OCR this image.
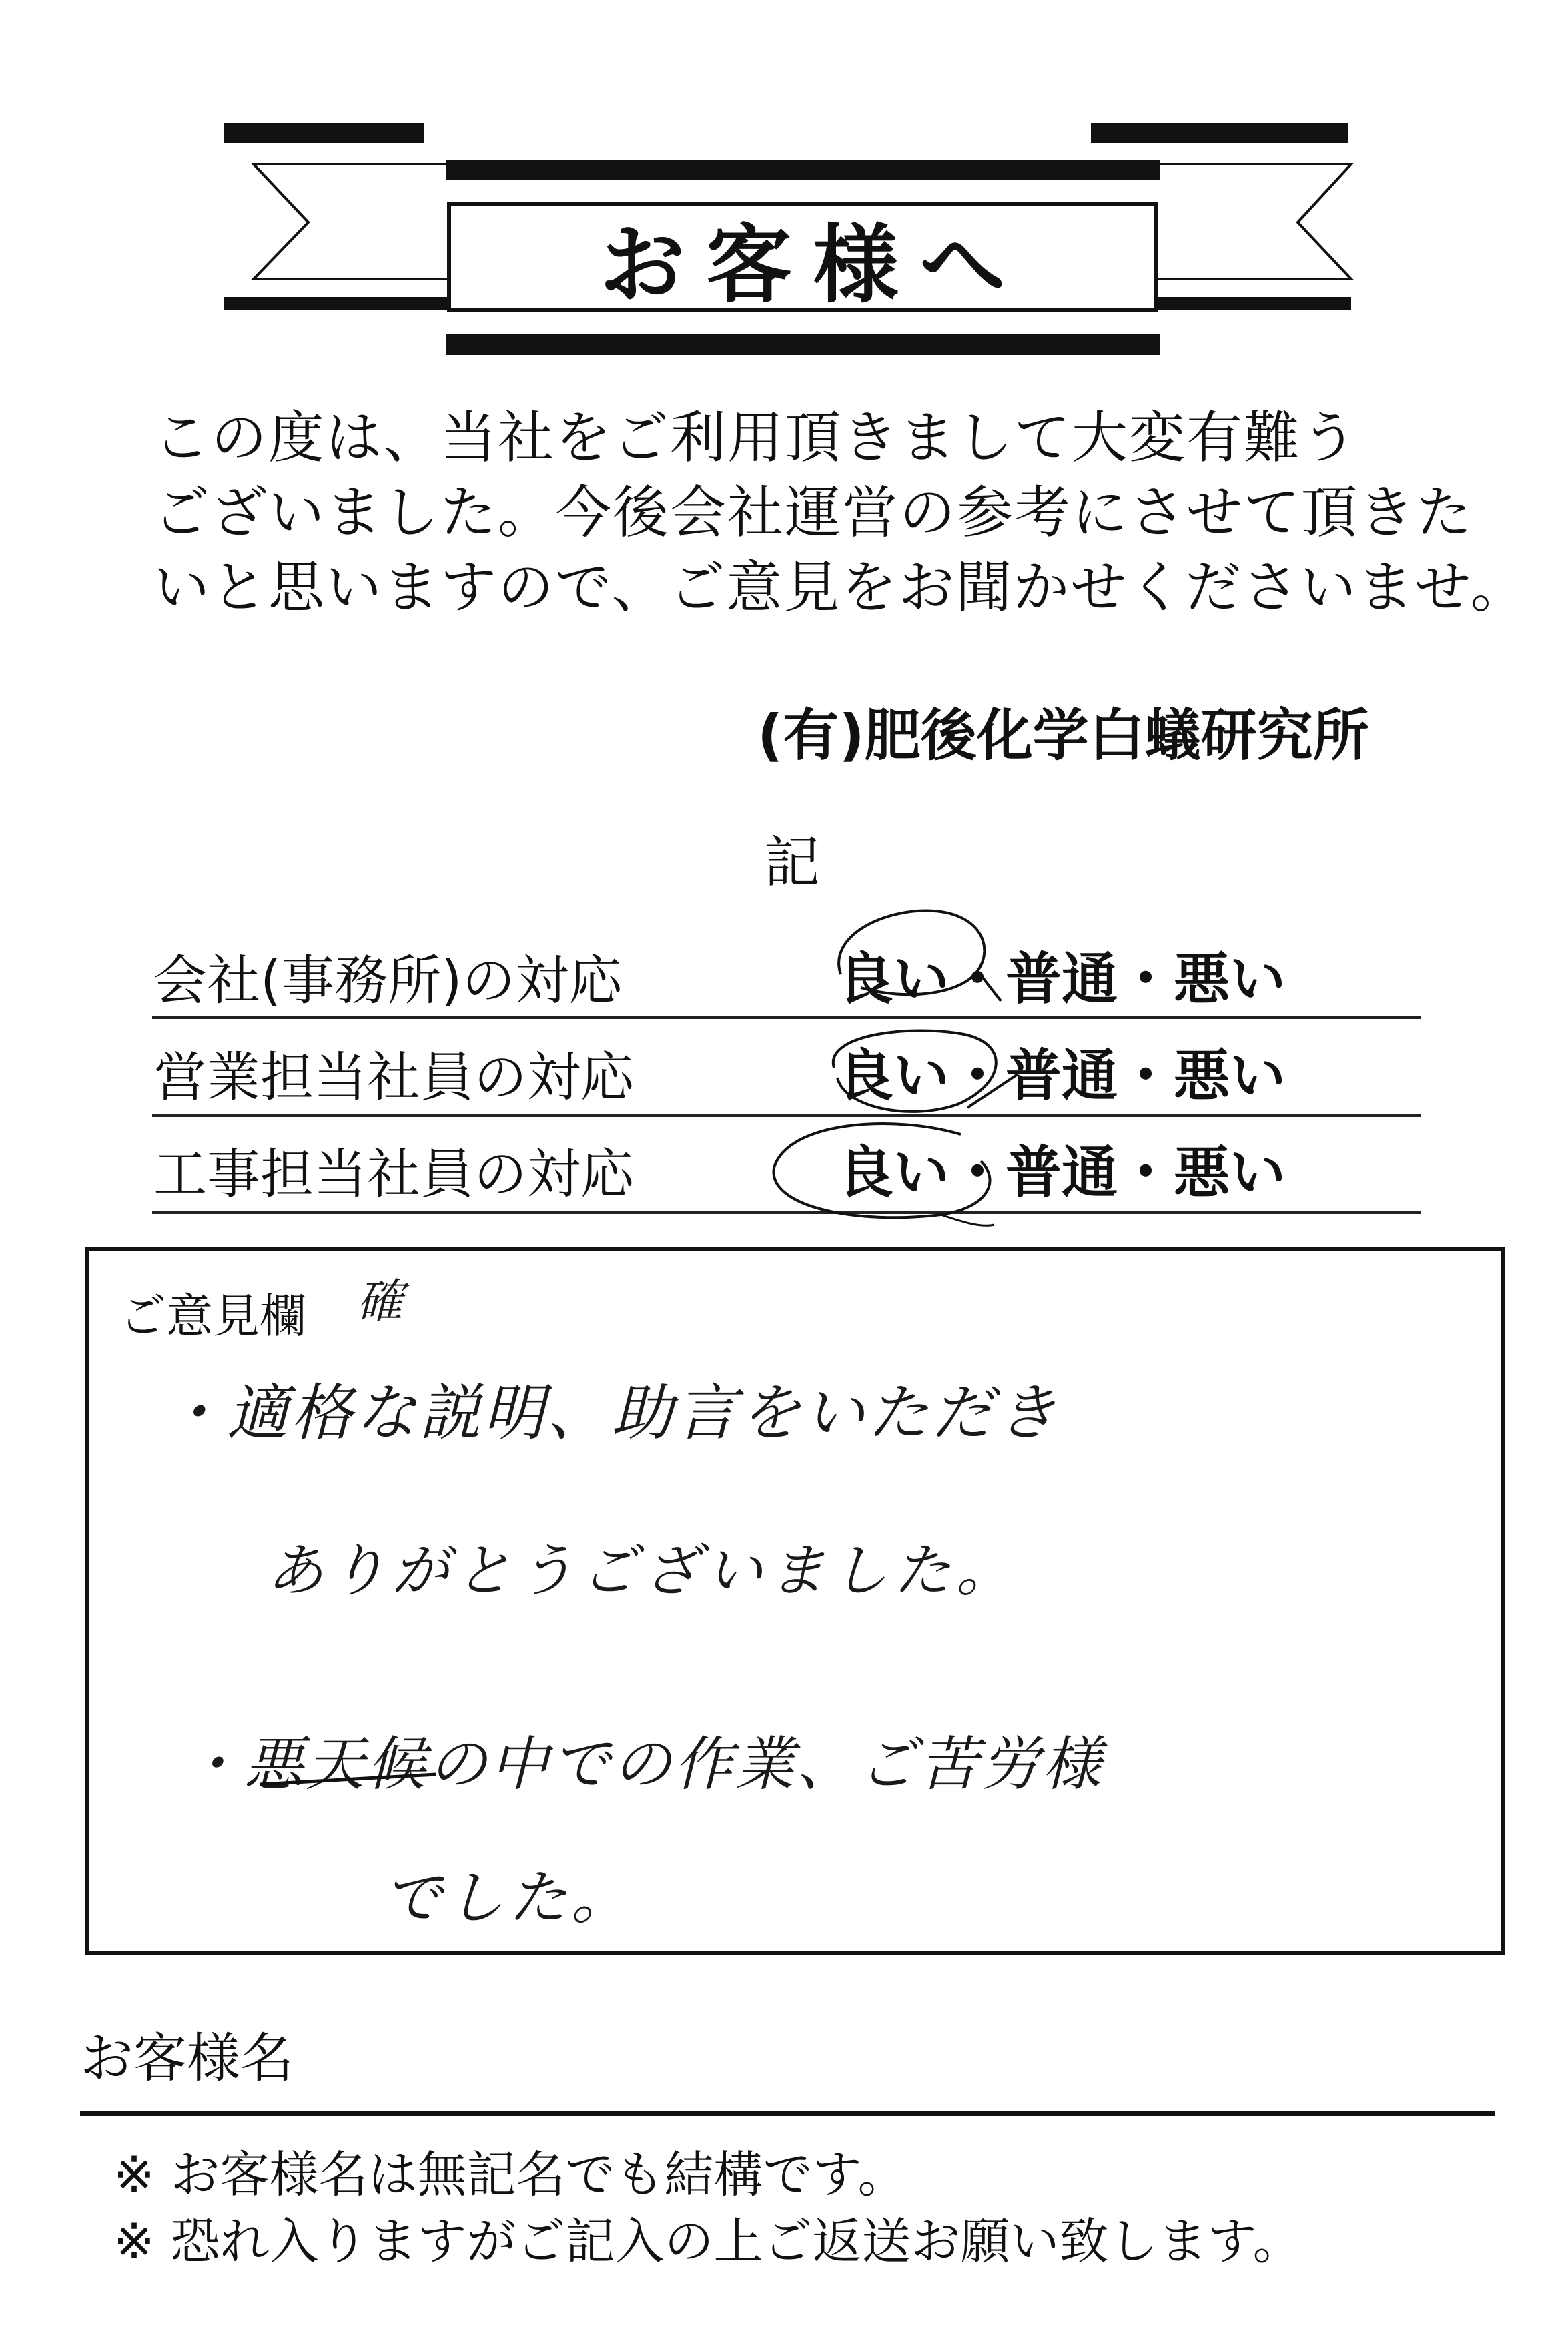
お客様へ

この度は、当社をご利用頂きまして大変有難う

ございました。今後会社運営の参考にさせて頂きた

いと思いますので、ご意見をお聞かせくださいませ。

(有)肥後化学白蟻研究所
記
会社(事務所)の対応	良い・普通・悪い
営業担当社員の対応	良い・普通・悪い
工事担当社員の対応	良い・普通・悪い
ご意見欄 確
・適格な説明、助言をいただき
ありがとうございました。
・悪天候の中での作業、ご苦労様
でした。
お客様名
※ お客様名は無記名でも結構です。
※ 恐れ入りますがご記入の上ご返送お願い致します。
